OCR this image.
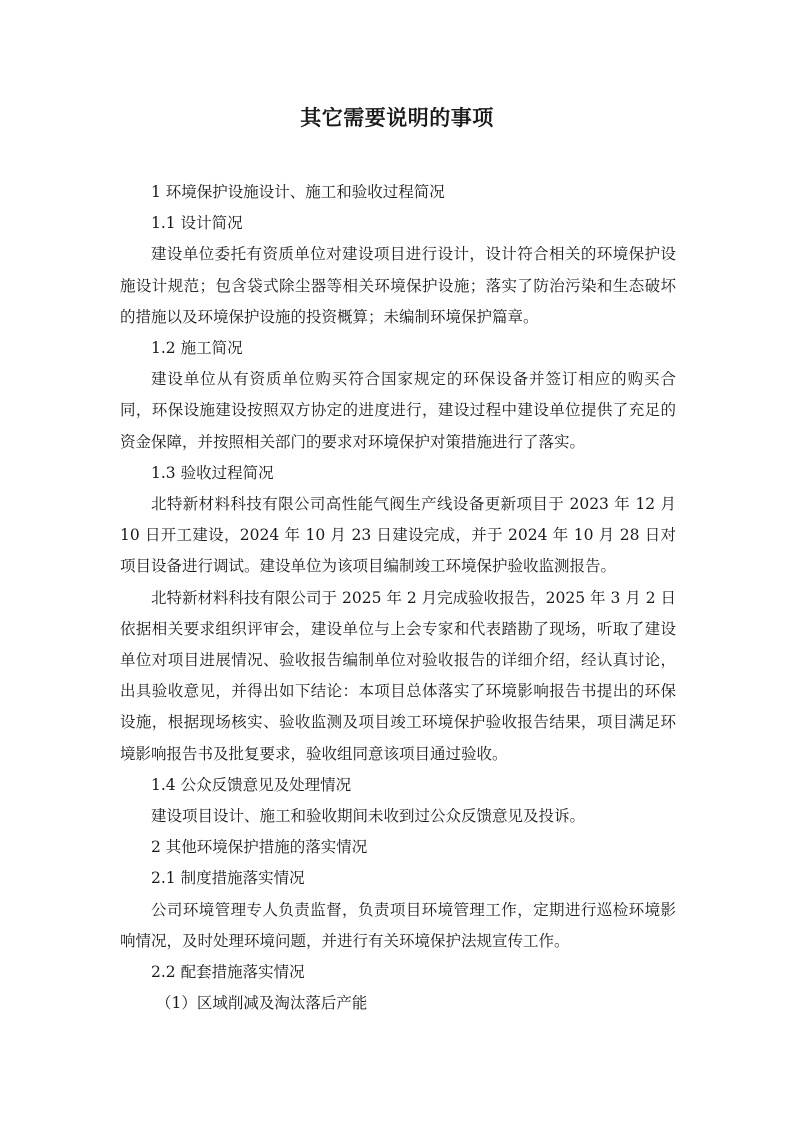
其它需要说明的事项

1 环境保护设施设计、施工和验收过程简况

1.1 设计简况

建设单位委托有资质单位对建设项目进行设计，设计符合相关的环境保护设施设计规范；包含袋式除尘器等相关环境保护设施；落实了防治污染和生态破坏的措施以及环境保护设施的投资概算；未编制环境保护篇章。

1.2 施工简况

建设单位从有资质单位购买符合国家规定的环保设备并签订相应的购买合同，环保设施建设按照双方协定的进度进行，建设过程中建设单位提供了充足的资金保障，并按照相关部门的要求对环境保护对策措施进行了落实。

1.3 验收过程简况

北特新材料科技有限公司高性能气阀生产线设备更新项目于 2023 年 12 月 10 日开工建设，2024 年 10 月 23 日建设完成，并于 2024 年 10 月 28 日对项目设备进行调试。建设单位为该项目编制竣工环境保护验收监测报告。

北特新材料科技有限公司于 2025 年 2 月完成验收报告，2025 年 3 月 2 日依据相关要求组织评审会，建设单位与上会专家和代表踏勘了现场，听取了建设单位对项目进展情况、验收报告编制单位对验收报告的详细介绍，经认真讨论，出具验收意见，并得出如下结论：本项目总体落实了环境影响报告书提出的环保设施，根据现场核实、验收监测及项目竣工环境保护验收报告结果，项目满足环境影响报告书及批复要求，验收组同意该项目通过验收。

1.4 公众反馈意见及处理情况

建设项目设计、施工和验收期间未收到过公众反馈意见及投诉。

2 其他环境保护措施的落实情况

2.1 制度措施落实情况

公司环境管理专人负责监督，负责项目环境管理工作，定期进行巡检环境影响情况，及时处理环境问题，并进行有关环境保护法规宣传工作。

2.2 配套措施落实情况

（1）区域削减及淘汰落后产能
